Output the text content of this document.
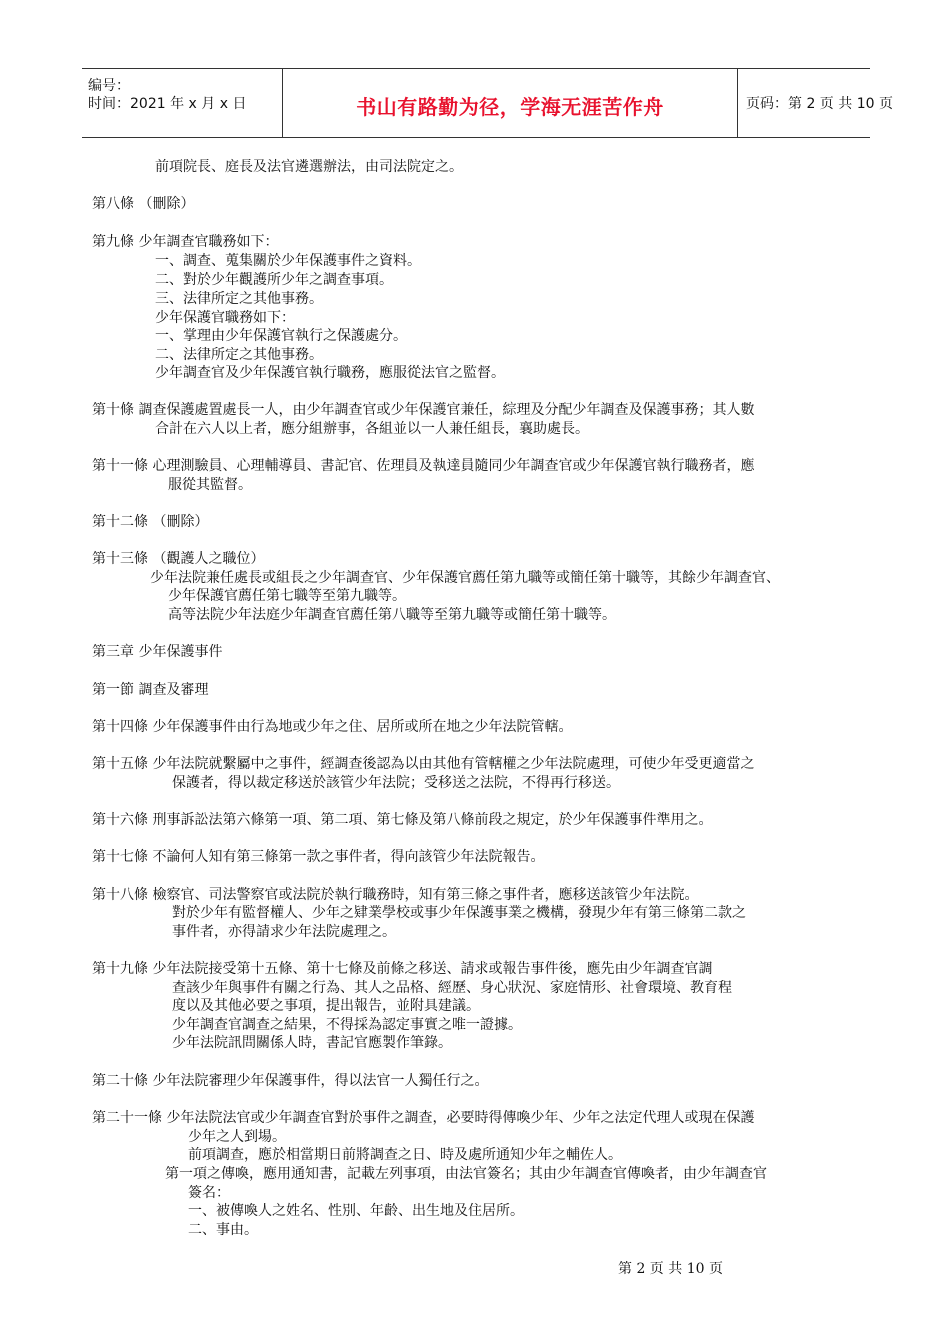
编号：
时间：2021 年 x 月 x 日	书山有路勤为径，学海无涯苦作舟	页码：第 2 页 共 10 页
前項院長、庭長及法官遴選辦法，由司法院定之。
第八條 （刪除）
第九條 少年調查官職務如下：
一、調查、蒐集關於少年保護事件之資料。
二、對於少年觀護所少年之調查事項。
三、法律所定之其他事務。
少年保護官職務如下：
一、掌理由少年保護官執行之保護處分。
二、法律所定之其他事務。
少年調查官及少年保護官執行職務，應服從法官之監督。
第十條 調查保護處置處長一人，由少年調查官或少年保護官兼任，綜理及分配少年調查及保護事務；其人數
合計在六人以上者，應分組辦事，各組並以一人兼任組長，襄助處長。
第十一條 心理測驗員、心理輔導員、書記官、佐理員及執達員隨同少年調查官或少年保護官執行職務者，應
服從其監督。
第十二條 （刪除）
第十三條 （觀護人之職位）
少年法院兼任處長或組長之少年調查官、少年保護官薦任第九職等或簡任第十職等，其餘少年調查官、
少年保護官薦任第七職等至第九職等。
高等法院少年法庭少年調查官薦任第八職等至第九職等或簡任第十職等。
第三章 少年保護事件
第一節 調查及審理
第十四條 少年保護事件由行為地或少年之住、居所或所在地之少年法院管轄。
第十五條 少年法院就繫屬中之事件，經調查後認為以由其他有管轄權之少年法院處理，可使少年受更適當之
保護者，得以裁定移送於該管少年法院；受移送之法院，不得再行移送。
第十六條 刑事訴訟法第六條第一項、第二項、第七條及第八條前段之規定，於少年保護事件準用之。
第十七條 不論何人知有第三條第一款之事件者，得向該管少年法院報告。
第十八條 檢察官、司法警察官或法院於執行職務時，知有第三條之事件者，應移送該管少年法院。
對於少年有監督權人、少年之肄業學校或事少年保護事業之機構，發現少年有第三條第二款之
事件者，亦得請求少年法院處理之。
第十九條 少年法院接受第十五條、第十七條及前條之移送、請求或報告事件後，應先由少年調查官調
查該少年與事件有關之行為、其人之品格、經歷、身心狀況、家庭情形、社會環境、教育程
度以及其他必要之事項，提出報告，並附具建議。
少年調查官調查之結果，不得採為認定事實之唯一證據。
少年法院訊問關係人時，書記官應製作筆錄。
第二十條 少年法院審理少年保護事件，得以法官一人獨任行之。
第二十一條 少年法院法官或少年調查官對於事件之調查，必要時得傳喚少年、少年之法定代理人或現在保護
少年之人到場。
前項調查，應於相當期日前將調查之日、時及處所通知少年之輔佐人。
第一項之傳喚，應用通知書，記載左列事項，由法官簽名；其由少年調查官傳喚者，由少年調查官
簽名：
一、被傳喚人之姓名、性別、年齡、出生地及住居所。
二、事由。
第 2 页 共 10 页
